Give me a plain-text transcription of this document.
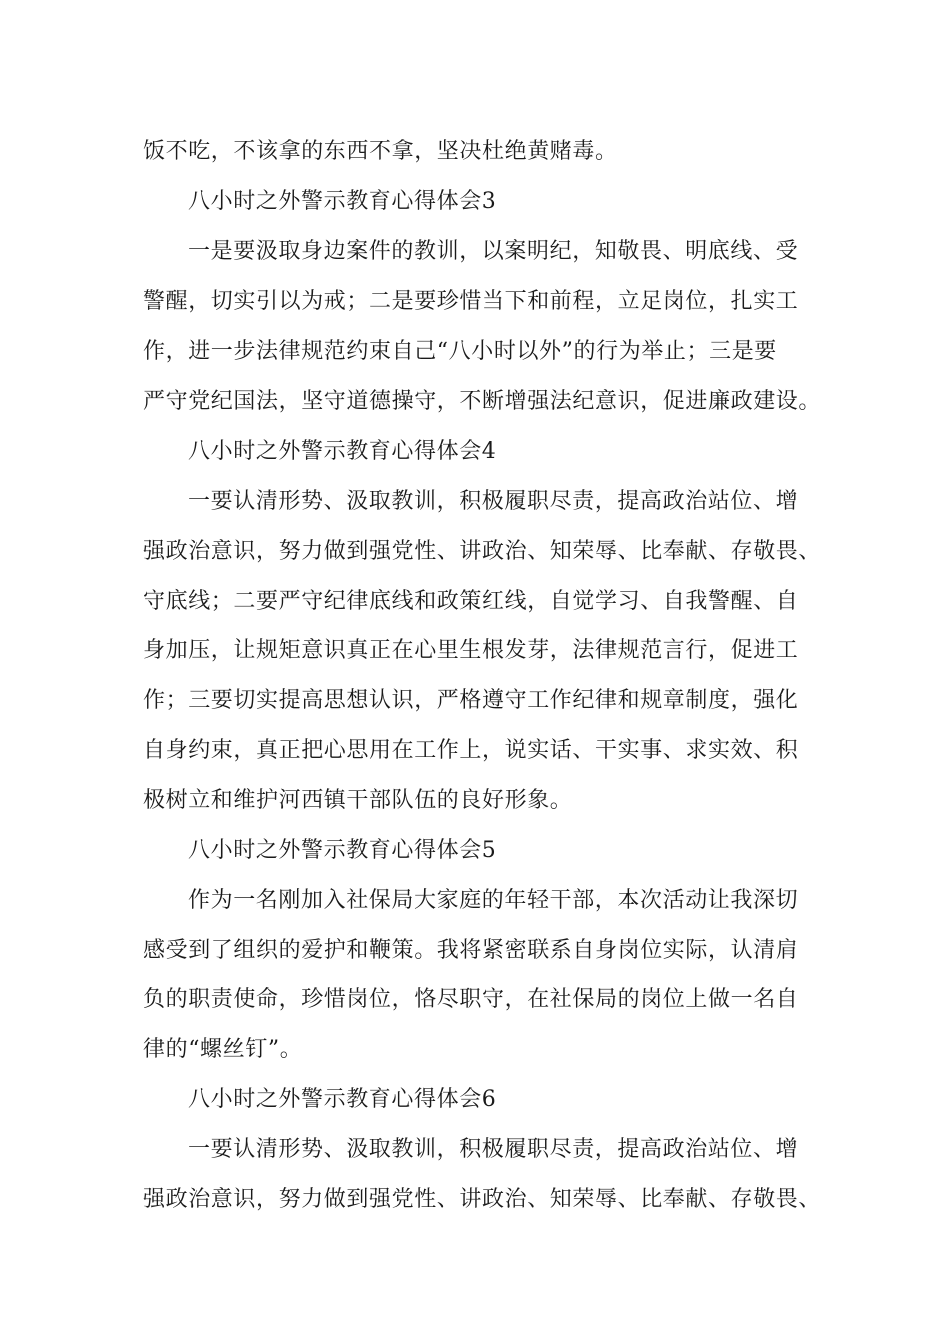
饭不吃，不该拿的东西不拿，坚决杜绝黄赌毒。
八小时之外警示教育心得体会3
一是要汲取身边案件的教训，以案明纪，知敬畏、明底线、受
警醒，切实引以为戒；二是要珍惜当下和前程，立足岗位，扎实工
作，进一步法律规范约束自己“八小时以外”的行为举止；三是要
严守党纪国法，坚守道德操守，不断增强法纪意识，促进廉政建设。
八小时之外警示教育心得体会4
一要认清形势、汲取教训，积极履职尽责，提高政治站位、增
强政治意识，努力做到强党性、讲政治、知荣辱、比奉献、存敬畏、
守底线；二要严守纪律底线和政策红线，自觉学习、自我警醒、自
身加压，让规矩意识真正在心里生根发芽，法律规范言行，促进工
作；三要切实提高思想认识，严格遵守工作纪律和规章制度，强化
自身约束，真正把心思用在工作上，说实话、干实事、求实效、积
极树立和维护河西镇干部队伍的良好形象。
八小时之外警示教育心得体会5
作为一名刚加入社保局大家庭的年轻干部，本次活动让我深切
感受到了组织的爱护和鞭策。我将紧密联系自身岗位实际，认清肩
负的职责使命，珍惜岗位，恪尽职守，在社保局的岗位上做一名自
律的“螺丝钉”。
八小时之外警示教育心得体会6
一要认清形势、汲取教训，积极履职尽责，提高政治站位、增
强政治意识，努力做到强党性、讲政治、知荣辱、比奉献、存敬畏、
